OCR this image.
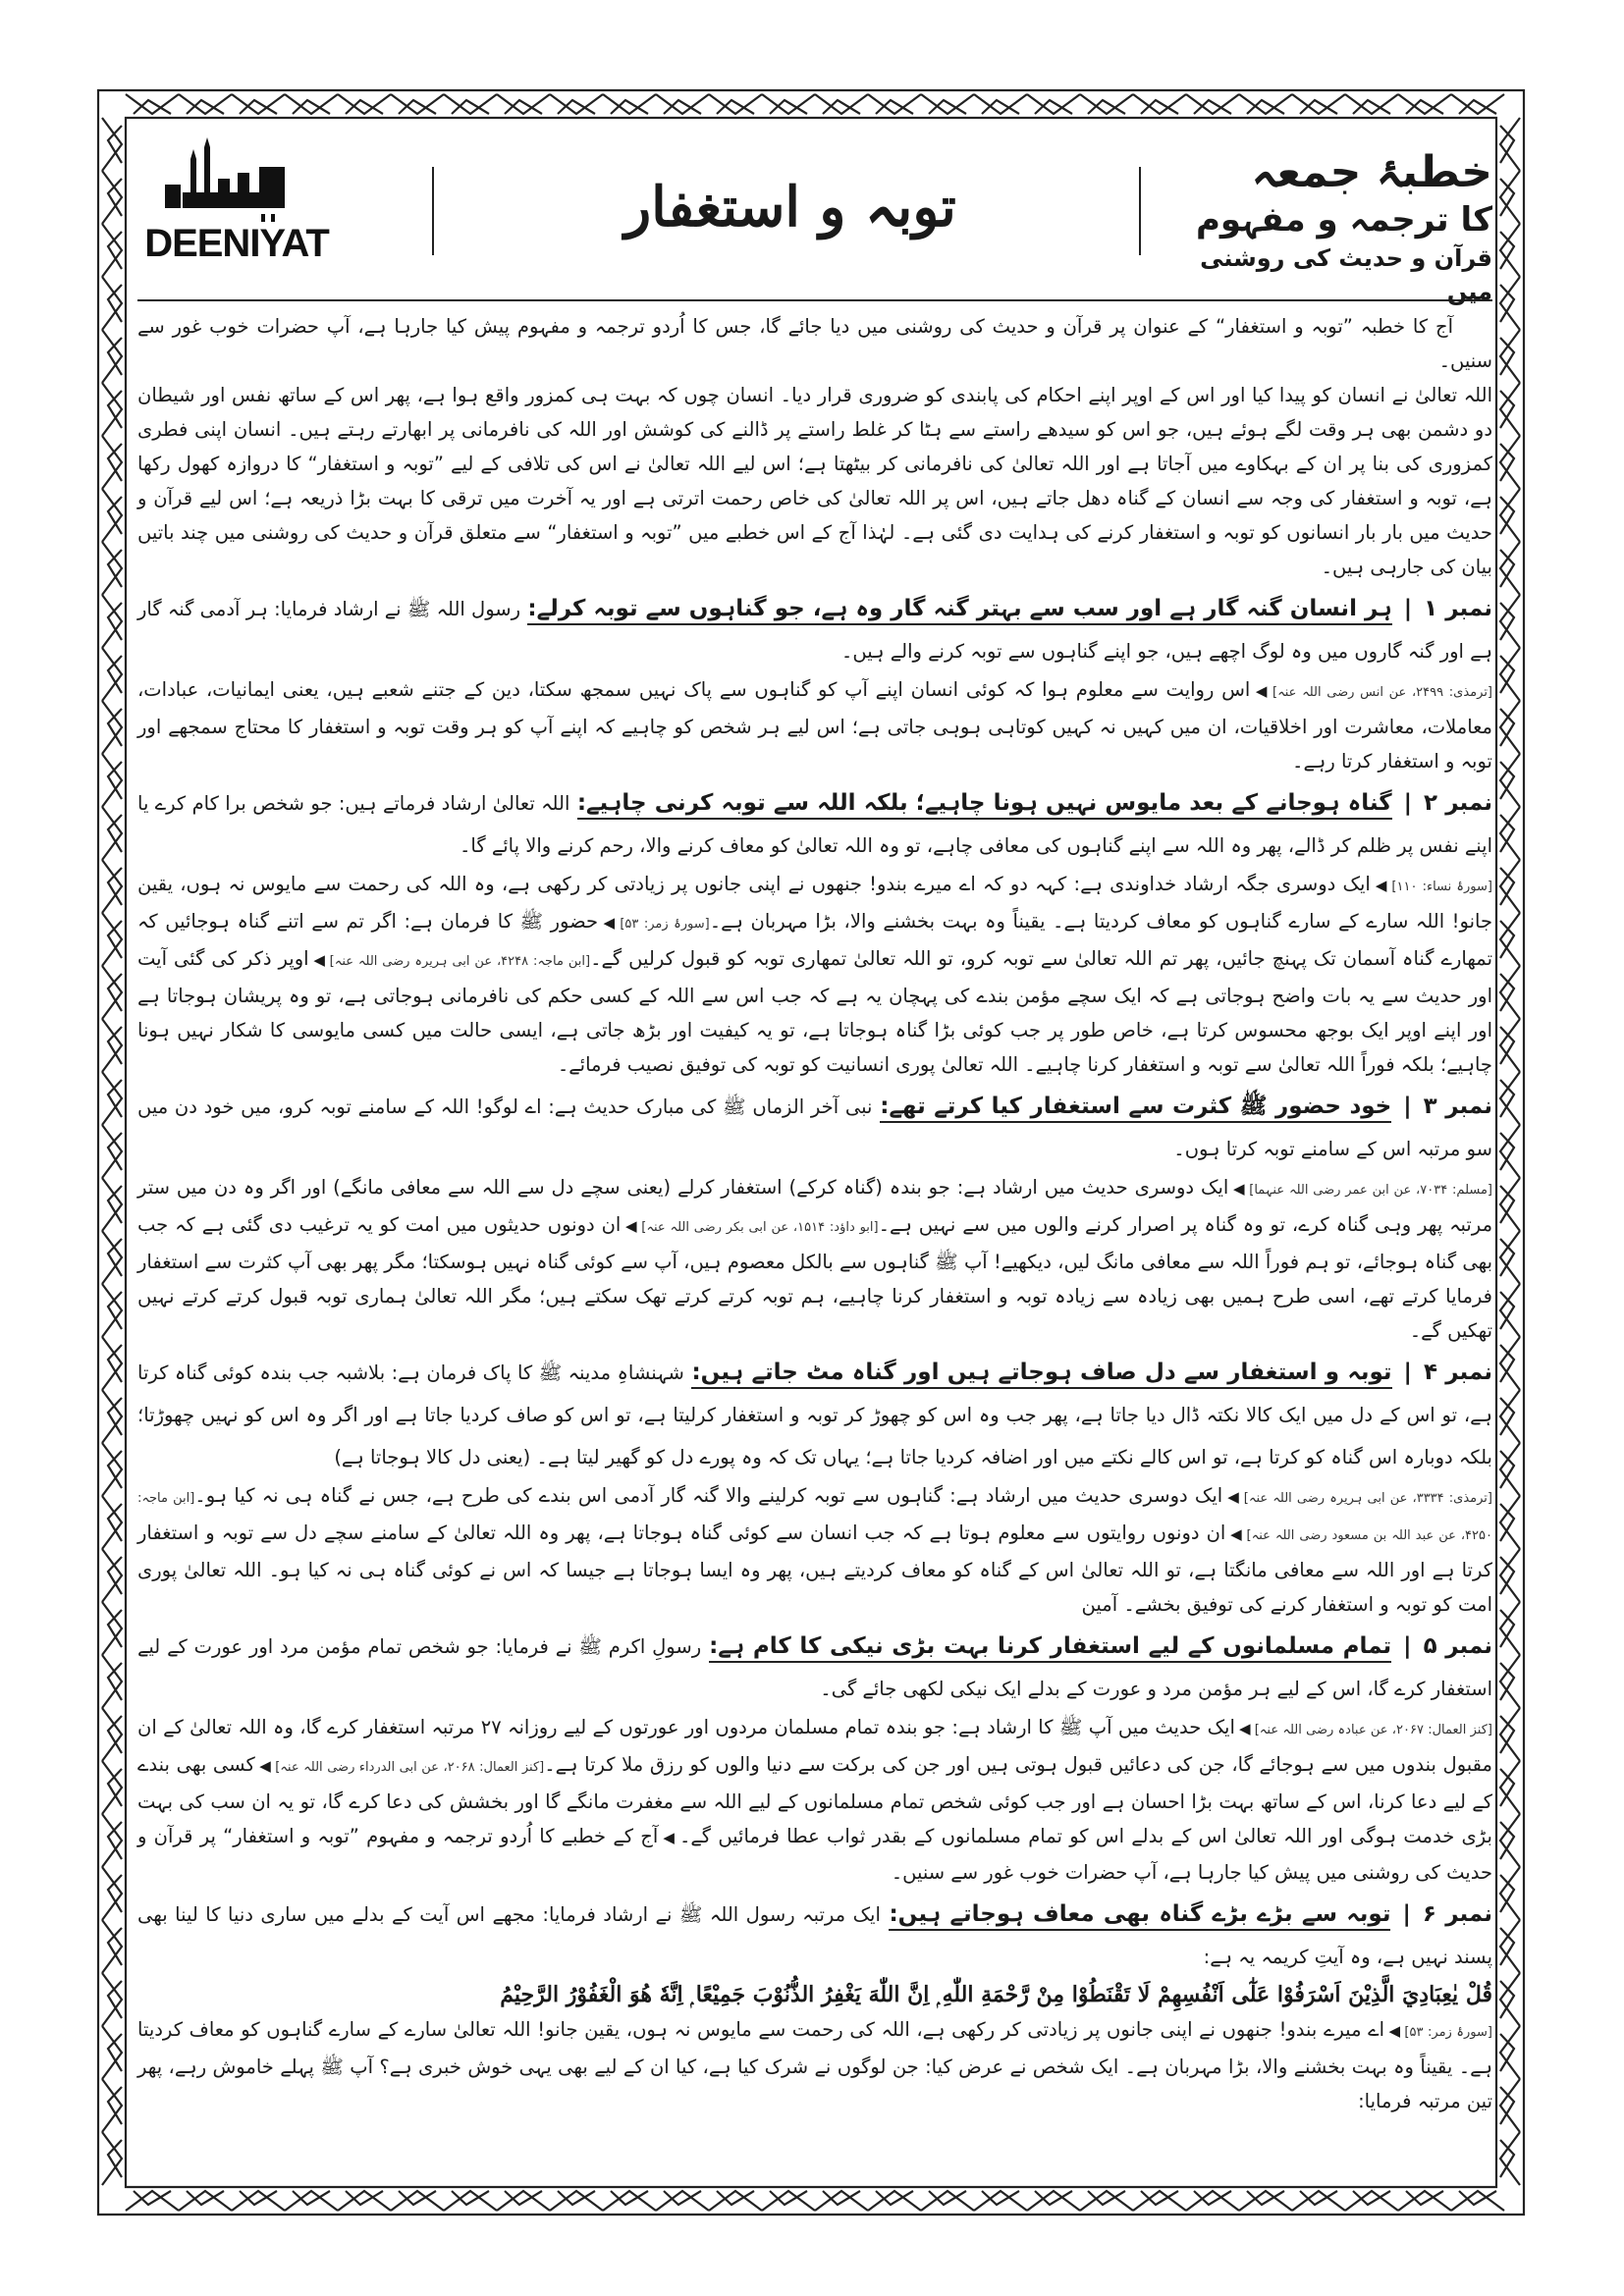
خطبۂ جمعہ
کا ترجمہ و مفہوم
قرآن و حدیث کی روشنی میں
توبہ و استغفار
DEENIYAT

آج کا خطبہ ”توبہ و استغفار“ کے عنوان پر قرآن و حدیث کی روشنی میں دیا جائے گا، جس کا اُردو ترجمہ و مفہوم پیش کیا جارہا ہے، آپ حضرات خوب غور سے سنیں۔

اللہ تعالیٰ نے انسان کو پیدا کیا اور اس کے اوپر اپنے احکام کی پابندی کو ضروری قرار دیا۔ انسان چوں کہ بہت ہی کمزور واقع ہوا ہے، پھر اس کے ساتھ نفس اور شیطان دو دشمن بھی ہر وقت لگے ہوئے ہیں، جو اس کو سیدھے راستے سے ہٹا کر غلط راستے پر ڈالنے کی کوشش اور اللہ کی نافرمانی پر ابھارتے رہتے ہیں۔ انسان اپنی فطری کمزوری کی بنا پر ان کے بہکاوے میں آجاتا ہے اور اللہ تعالیٰ کی نافرمانی کر بیٹھتا ہے؛ اس لیے اللہ تعالیٰ نے اس کی تلافی کے لیے ”توبہ و استغفار“ کا دروازہ کھول رکھا ہے، توبہ و استغفار کی وجہ سے انسان کے گناہ دھل جاتے ہیں، اس پر اللہ تعالیٰ کی خاص رحمت اترتی ہے اور یہ آخرت میں ترقی کا بہت بڑا ذریعہ ہے؛ اس لیے قرآن و حدیث میں بار بار انسانوں کو توبہ و استغفار کرنے کی ہدایت دی گئی ہے۔ لہٰذا آج کے اس خطبے میں ”توبہ و استغفار“ سے متعلق قرآن و حدیث کی روشنی میں چند باتیں بیان کی جارہی ہیں۔

نمبر ۱|ہر انسان گنہ گار ہے اور سب سے بہتر گنہ گار وہ ہے، جو گناہوں سے توبہ کرلے: رسول اللہ ﷺ نے ارشاد فرمایا: ہر آدمی گنہ گار ہے اور گنہ گاروں میں وہ لوگ اچھے ہیں، جو اپنے گناہوں سے توبہ کرنے والے ہیں۔

[ترمذی: ۲۴۹۹، عن انس رضی اللہ عنہ]◀اس روایت سے معلوم ہوا کہ کوئی انسان اپنے آپ کو گناہوں سے پاک نہیں سمجھ سکتا، دین کے جتنے شعبے ہیں، یعنی ایمانیات، عبادات، معاملات، معاشرت اور اخلاقیات، ان میں کہیں نہ کہیں کوتاہی ہوہی جاتی ہے؛ اس لیے ہر شخص کو چاہیے کہ اپنے آپ کو ہر وقت توبہ و استغفار کا محتاج سمجھے اور توبہ و استغفار کرتا رہے۔

نمبر ۲|گناہ ہوجانے کے بعد مایوس نہیں ہونا چاہیے؛ بلکہ اللہ سے توبہ کرنی چاہیے: اللہ تعالیٰ ارشاد فرماتے ہیں: جو شخص برا کام کرے یا اپنے نفس پر ظلم کر ڈالے، پھر وہ اللہ سے اپنے گناہوں کی معافی چاہے، تو وہ اللہ تعالیٰ کو معاف کرنے والا، رحم کرنے والا پائے گا۔

[سورۂ نساء: ۱۱۰]◀ایک دوسری جگہ ارشاد خداوندی ہے: کہہ دو کہ اے میرے بندو! جنھوں نے اپنی جانوں پر زیادتی کر رکھی ہے، وہ اللہ کی رحمت سے مایوس نہ ہوں، یقین جانو! اللہ سارے کے سارے گناہوں کو معاف کردیتا ہے۔ یقیناً وہ بہت بخشنے والا، بڑا مہربان ہے۔[سورۂ زمر: ۵۳]◀حضور ﷺ کا فرمان ہے: اگر تم سے اتنے گناہ ہوجائیں کہ تمھارے گناہ آسمان تک پہنچ جائیں، پھر تم اللہ تعالیٰ سے توبہ کرو، تو اللہ تعالیٰ تمھاری توبہ کو قبول کرلیں گے۔[ابن ماجہ: ۴۲۴۸، عن ابی ہریرہ رضی اللہ عنہ]◀اوپر ذکر کی گئی آیت اور حدیث سے یہ بات واضح ہوجاتی ہے کہ ایک سچے مؤمن بندے کی پہچان یہ ہے کہ جب اس سے اللہ کے کسی حکم کی نافرمانی ہوجاتی ہے، تو وہ پریشان ہوجاتا ہے اور اپنے اوپر ایک بوجھ محسوس کرتا ہے، خاص طور پر جب کوئی بڑا گناہ ہوجاتا ہے، تو یہ کیفیت اور بڑھ جاتی ہے، ایسی حالت میں کسی مایوسی کا شکار نہیں ہونا چاہیے؛ بلکہ فوراً اللہ تعالیٰ سے توبہ و استغفار کرنا چاہیے۔ اللہ تعالیٰ پوری انسانیت کو توبہ کی توفیق نصیب فرمائے۔

نمبر ۳|خود حضور ﷺ کثرت سے استغفار کیا کرتے تھے: نبی آخر الزماں ﷺ کی مبارک حدیث ہے: اے لوگو! اللہ کے سامنے توبہ کرو، میں خود دن میں سو مرتبہ اس کے سامنے توبہ کرتا ہوں۔

[مسلم: ۷۰۳۴، عن ابن عمر رضی اللہ عنہما]◀ایک دوسری حدیث میں ارشاد ہے: جو بندہ (گناہ کرکے) استغفار کرلے (یعنی سچے دل سے اللہ سے معافی مانگے) اور اگر وہ دن میں ستر مرتبہ پھر وہی گناہ کرے، تو وہ گناہ پر اصرار کرنے والوں میں سے نہیں ہے۔[ابو داؤد: ۱۵۱۴، عن ابی بکر رضی اللہ عنہ]◀ان دونوں حدیثوں میں امت کو یہ ترغیب دی گئی ہے کہ جب بھی گناہ ہوجائے، تو ہم فوراً اللہ سے معافی مانگ لیں، دیکھیے! آپ ﷺ گناہوں سے بالکل معصوم ہیں، آپ سے کوئی گناہ نہیں ہوسکتا؛ مگر پھر بھی آپ کثرت سے استغفار فرمایا کرتے تھے، اسی طرح ہمیں بھی زیادہ سے زیادہ توبہ و استغفار کرنا چاہیے، ہم توبہ کرتے کرتے تھک سکتے ہیں؛ مگر اللہ تعالیٰ ہماری توبہ قبول کرتے کرتے نہیں تھکیں گے۔

نمبر ۴|توبہ و استغفار سے دل صاف ہوجاتے ہیں اور گناہ مٹ جاتے ہیں: شہنشاہِ مدینہ ﷺ کا پاک فرمان ہے: بلاشبہ جب بندہ کوئی گناہ کرتا ہے، تو اس کے دل میں ایک کالا نکتہ ڈال دیا جاتا ہے، پھر جب وہ اس کو چھوڑ کر توبہ و استغفار کرلیتا ہے، تو اس کو صاف کردیا جاتا ہے اور اگر وہ اس کو نہیں چھوڑتا؛ بلکہ دوبارہ اس گناہ کو کرتا ہے، تو اس کالے نکتے میں اور اضافہ کردیا جاتا ہے؛ یہاں تک کہ وہ پورے دل کو گھیر لیتا ہے۔ (یعنی دل کالا ہوجاتا ہے)

[ترمذی: ۳۳۳۴، عن ابی ہریرہ رضی اللہ عنہ]◀ایک دوسری حدیث میں ارشاد ہے: گناہوں سے توبہ کرلینے والا گنہ گار آدمی اس بندے کی طرح ہے، جس نے گناہ ہی نہ کیا ہو۔[ابن ماجہ: ۴۲۵۰، عن عبد اللہ بن مسعود رضی اللہ عنہ]◀ان دونوں روایتوں سے معلوم ہوتا ہے کہ جب انسان سے کوئی گناہ ہوجاتا ہے، پھر وہ اللہ تعالیٰ کے سامنے سچے دل سے توبہ و استغفار کرتا ہے اور اللہ سے معافی مانگتا ہے، تو اللہ تعالیٰ اس کے گناہ کو معاف کردیتے ہیں، پھر وہ ایسا ہوجاتا ہے جیسا کہ اس نے کوئی گناہ ہی نہ کیا ہو۔ اللہ تعالیٰ پوری امت کو توبہ و استغفار کرنے کی توفیق بخشے۔ آمین

نمبر ۵|تمام مسلمانوں کے لیے استغفار کرنا بہت بڑی نیکی کا کام ہے: رسولِ اکرم ﷺ نے فرمایا: جو شخص تمام مؤمن مرد اور عورت کے لیے استغفار کرے گا، اس کے لیے ہر مؤمن مرد و عورت کے بدلے ایک نیکی لکھی جائے گی۔

[کنز العمال: ۲۰۶۷، عن عبادہ رضی اللہ عنہ]◀ایک حدیث میں آپ ﷺ کا ارشاد ہے: جو بندہ تمام مسلمان مردوں اور عورتوں کے لیے روزانہ ۲۷ مرتبہ استغفار کرے گا، وہ اللہ تعالیٰ کے ان مقبول بندوں میں سے ہوجائے گا، جن کی دعائیں قبول ہوتی ہیں اور جن کی برکت سے دنیا والوں کو رزق ملا کرتا ہے۔[کنز العمال: ۲۰۶۸، عن ابی الدرداء رضی اللہ عنہ]◀کسی بھی بندے کے لیے دعا کرنا، اس کے ساتھ بہت بڑا احسان ہے اور جب کوئی شخص تمام مسلمانوں کے لیے اللہ سے مغفرت مانگے گا اور بخشش کی دعا کرے گا، تو یہ ان سب کی بہت بڑی خدمت ہوگی اور اللہ تعالیٰ اس کے بدلے اس کو تمام مسلمانوں کے بقدر ثواب عطا فرمائیں گے۔◀آج کے خطبے کا اُردو ترجمہ و مفہوم ”توبہ و استغفار“ پر قرآن و حدیث کی روشنی میں پیش کیا جارہا ہے، آپ حضرات خوب غور سے سنیں۔

نمبر ۶|توبہ سے بڑے بڑے گناہ بھی معاف ہوجاتے ہیں: ایک مرتبہ رسول اللہ ﷺ نے ارشاد فرمایا: مجھے اس آیت کے بدلے میں ساری دنیا کا لینا بھی پسند نہیں ہے، وہ آیتِ کریمہ یہ ہے:

قُلْ يٰعِبَادِيَ الَّذِيْنَ اَسْرَفُوْا عَلٰٓى اَنْفُسِهِمْ لَا تَقْنَطُوْا مِنْ رَّحْمَةِ اللّٰهِ ۭ اِنَّ اللّٰهَ يَغْفِرُ الذُّنُوْبَ جَمِيْعًا ۭ اِنَّهٗ هُوَ الْغَفُوْرُ الرَّحِيْمُ

[سورۂ زمر: ۵۳]◀اے میرے بندو! جنھوں نے اپنی جانوں پر زیادتی کر رکھی ہے، اللہ کی رحمت سے مایوس نہ ہوں، یقین جانو! اللہ تعالیٰ سارے کے سارے گناہوں کو معاف کردیتا ہے۔ یقیناً وہ بہت بخشنے والا، بڑا مہربان ہے۔ ایک شخص نے عرض کیا: جن لوگوں نے شرک کیا ہے، کیا ان کے لیے بھی یہی خوش خبری ہے؟ آپ ﷺ پہلے خاموش رہے، پھر تین مرتبہ فرمایا:
